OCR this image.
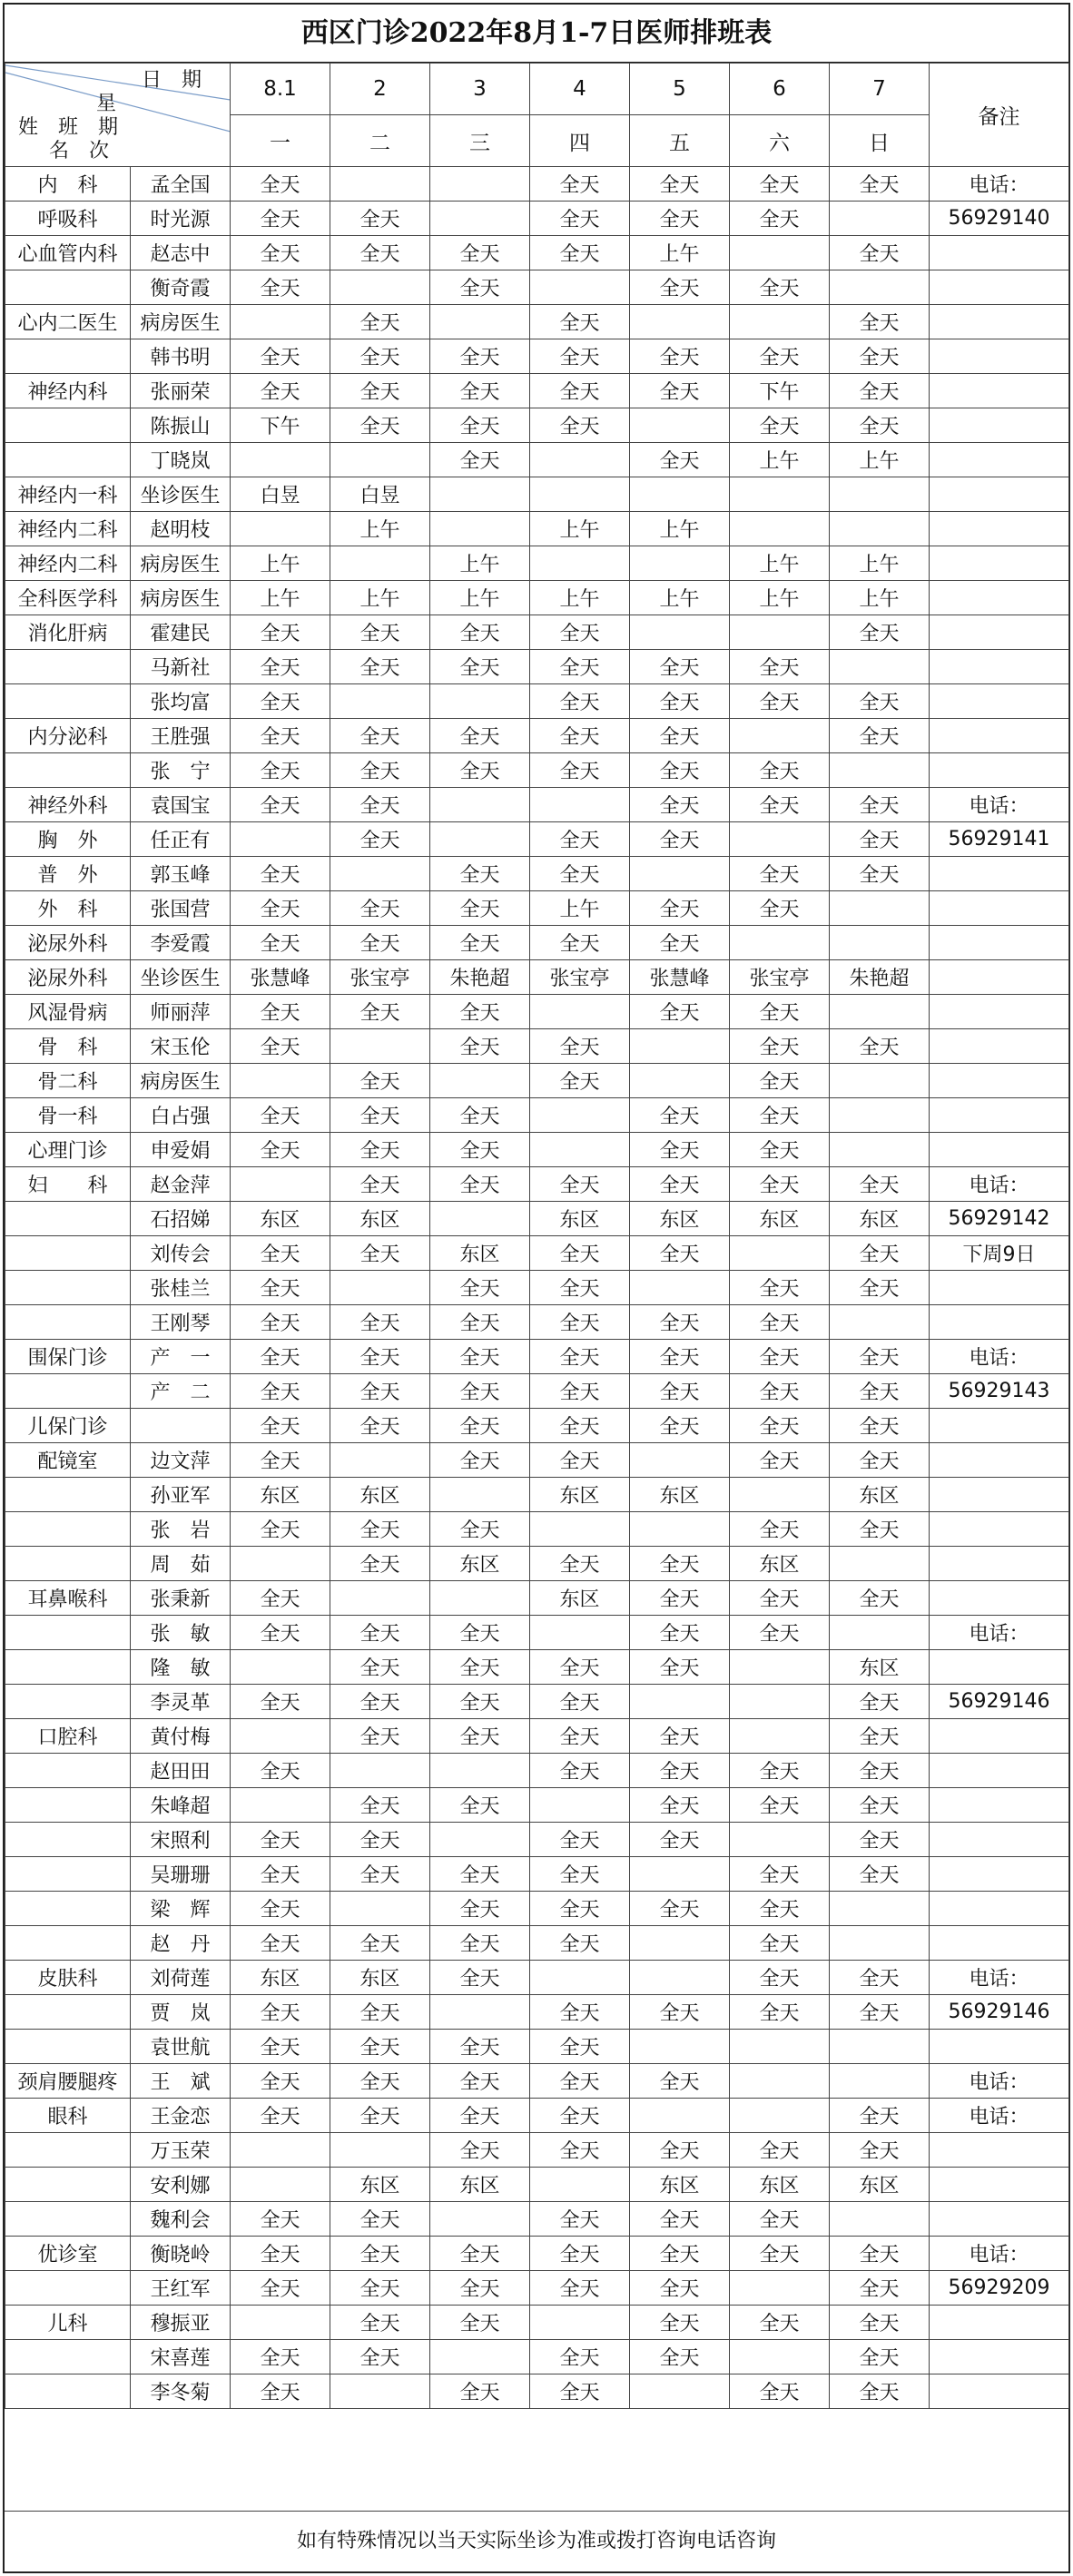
西区门诊2022年8月1-7日医师排班表
日　期
星
姓　班　期
名　次		8.1	2	3	4	5	6	7	备注
		一	二	三	四	五	六	日	
内　科	孟全国	全天			全天	全天	全天	全天	电话：
呼吸科	时光源	全天	全天		全天	全天	全天		56929140
心血管内科	赵志中	全天	全天	全天	全天	上午		全天	
	衡奇霞	全天		全天		全天	全天		
心内二医生	病房医生		全天		全天			全天	
	韩书明	全天	全天	全天	全天	全天	全天	全天	
神经内科	张丽荣	全天	全天	全天	全天	全天	下午	全天	
	陈振山	下午	全天	全天	全天		全天	全天	
	丁晓岚			全天		全天	上午	上午	
神经内一科	坐诊医生	白昱	白昱						
神经内二科	赵明枝		上午		上午	上午			
神经内二科	病房医生	上午		上午			上午	上午	
全科医学科	病房医生	上午	上午	上午	上午	上午	上午	上午	
消化肝病	霍建民	全天	全天	全天	全天			全天	
	马新社	全天	全天	全天	全天	全天	全天		
	张均富	全天			全天	全天	全天	全天	
内分泌科	王胜强	全天	全天	全天	全天	全天		全天	
	张　宁	全天	全天	全天	全天	全天	全天		
神经外科	袁国宝	全天	全天			全天	全天	全天	电话：
胸　外	任正有		全天		全天	全天		全天	56929141
普　外	郭玉峰	全天		全天	全天		全天	全天	
外　科	张国营	全天	全天	全天	上午	全天	全天		
泌尿外科	李爱霞	全天	全天	全天	全天	全天			
泌尿外科	坐诊医生	张慧峰	张宝亭	朱艳超	张宝亭	张慧峰	张宝亭	朱艳超	
风湿骨病	师丽萍	全天	全天	全天		全天	全天		
骨　科	宋玉伦	全天		全天	全天		全天	全天	
骨二科	病房医生		全天		全天		全天		
骨一科	白占强	全天	全天	全天		全天	全天		
心理门诊	申爱娟	全天	全天	全天		全天	全天		
妇　　科	赵金萍		全天	全天	全天	全天	全天	全天	电话：
	石招娣	东区	东区		东区	东区	东区	东区	56929142
	刘传会	全天	全天	东区	全天	全天		全天	下周9日
	张桂兰	全天		全天	全天		全天	全天	
	王刚琴	全天	全天	全天	全天	全天	全天		
围保门诊	产　一	全天	全天	全天	全天	全天	全天	全天	电话：
	产　二	全天	全天	全天	全天	全天	全天	全天	56929143
儿保门诊		全天	全天	全天	全天	全天	全天	全天	
配镜室	边文萍	全天		全天	全天		全天	全天	
	孙亚军	东区	东区		东区	东区		东区	
	张　岩	全天	全天	全天			全天	全天	
	周　茹		全天	东区	全天	全天	东区		
耳鼻喉科	张秉新	全天			东区	全天	全天	全天	
	张　敏	全天	全天	全天		全天	全天		电话：
	隆　敏		全天	全天	全天	全天		东区	
	李灵革	全天	全天	全天	全天			全天	56929146
口腔科	黄付梅		全天	全天	全天	全天		全天	
	赵田田	全天			全天	全天	全天	全天	
	朱峰超		全天	全天		全天	全天	全天	
	宋照利	全天	全天		全天	全天		全天	
	吴珊珊	全天	全天	全天	全天		全天	全天	
	梁　辉	全天		全天	全天	全天	全天		
	赵　丹	全天	全天	全天	全天		全天		
皮肤科	刘荷莲	东区	东区	全天			全天	全天	电话：
	贾　岚	全天	全天		全天	全天	全天	全天	56929146
	袁世航	全天	全天	全天	全天				
颈肩腰腿疼	王　斌	全天	全天	全天	全天	全天			电话：
眼科	王金恋	全天	全天	全天	全天			全天	电话：
	万玉荣			全天	全天	全天	全天	全天	
	安利娜		东区	东区		东区	东区	东区	
	魏利会	全天	全天		全天	全天	全天		
优诊室	衡晓岭	全天	全天	全天	全天	全天	全天	全天	电话：
	王红军	全天	全天	全天	全天	全天		全天	56929209
儿科	穆振亚		全天	全天		全天	全天	全天	
	宋喜莲	全天	全天		全天	全天		全天	
	李冬菊	全天		全天	全天		全天	全天	
如有特殊情况以当天实际坐诊为准或拨打咨询电话咨询
